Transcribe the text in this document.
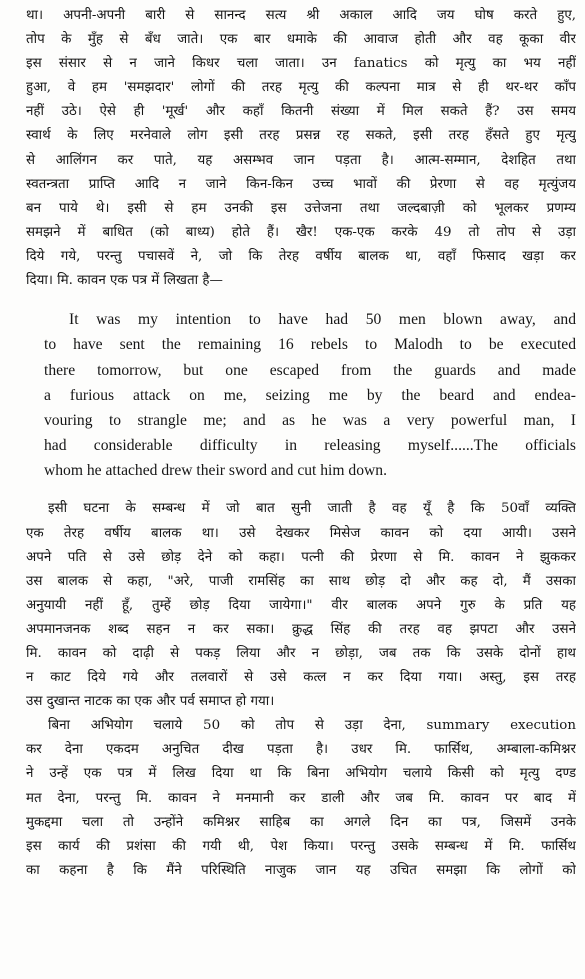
था। अपनी-अपनी बारी से सानन्द सत्य श्री अकाल आदि जय घोष करते हुए,
तोप के मुँह से बँध जाते। एक बार धमाके की आवाज होती और वह कूका वीर
इस संसार से न जाने किधर चला जाता। उन fanatics को मृत्यु का भय नहीं
हुआ, वे हम 'समझदार' लोगों की तरह मृत्यु की कल्पना मात्र से ही थर-थर काँप
नहीं उठे। ऐसे ही 'मूर्ख' और कहाँ कितनी संख्या में मिल सकते हैं? उस समय
स्वार्थ के लिए मरनेवाले लोग इसी तरह प्रसन्न रह सकते, इसी तरह हँसते हुए मृत्यु
से आलिंगन कर पाते, यह असम्भव जान पड़ता है। आत्म-सम्मान, देशहित तथा
स्वतन्त्रता प्राप्ति आदि न जाने किन-किन उच्च भावों की प्रेरणा से वह मृत्युंजय
बन पाये थे। इसी से हम उनकी इस उत्तेजना तथा जल्दबाज़ी को भूलकर प्रणम्य
समझने में बाधित (को बाध्य) होते हैं। खैर! एक-एक करके 49 तो तोप से उड़ा
दिये गये, परन्तु पचासवें ने, जो कि तेरह वर्षीय बालक था, वहाँ फिसाद खड़ा कर
दिया। मि. कावन एक पत्र में लिखता है—

It was my intention to have had 50 men blown away, and
to have sent the remaining 16 rebels to Malodh to be executed
there tomorrow, but one escaped from the guards and made
a furious attack on me, seizing me by the beard and endea-
vouring to strangle me; and as he was a very powerful man, I
had considerable difficulty in releasing myself......The officials
whom he attached drew their sword and cut him down.

इसी घटना के सम्बन्ध में जो बात सुनी जाती है वह यूँ है कि 50वाँ व्यक्ति
एक तेरह वर्षीय बालक था। उसे देखकर मिसेज कावन को दया आयी। उसने
अपने पति से उसे छोड़ देने को कहा। पत्नी की प्रेरणा से मि. कावन ने झुककर
उस बालक से कहा, "अरे, पाजी रामसिंह का साथ छोड़ दो और कह दो, मैं उसका
अनुयायी नहीं हूँ, तुम्हें छोड़ दिया जायेगा।" वीर बालक अपने गुरु के प्रति यह
अपमानजनक शब्द सहन न कर सका। क्रुद्ध सिंह की तरह वह झपटा और उसने
मि. कावन को दाढ़ी से पकड़ लिया और न छोड़ा, जब तक कि उसके दोनों हाथ
न काट दिये गये और तलवारों से उसे कत्ल न कर दिया गया। अस्तु, इस तरह
उस दुखान्त नाटक का एक और पर्व समाप्त हो गया।

बिना अभियोग चलाये 50 को तोप से उड़ा देना, summary execution
कर देना एकदम अनुचित दीख पड़ता है। उधर मि. फार्सिथ, अम्बाला-कमिश्नर
ने उन्हें एक पत्र में लिख दिया था कि बिना अभियोग चलाये किसी को मृत्यु दण्ड
मत देना, परन्तु मि. कावन ने मनमानी कर डाली और जब मि. कावन पर बाद में
मुकद्दमा चला तो उन्होंने कमिश्नर साहिब का अगले दिन का पत्र, जिसमें उनके
इस कार्य की प्रशंसा की गयी थी, पेश किया। परन्तु उसके सम्बन्ध में मि. फार्सिथ
का कहना है कि मैंने परिस्थिति नाजुक जान यह उचित समझा कि लोगों को
